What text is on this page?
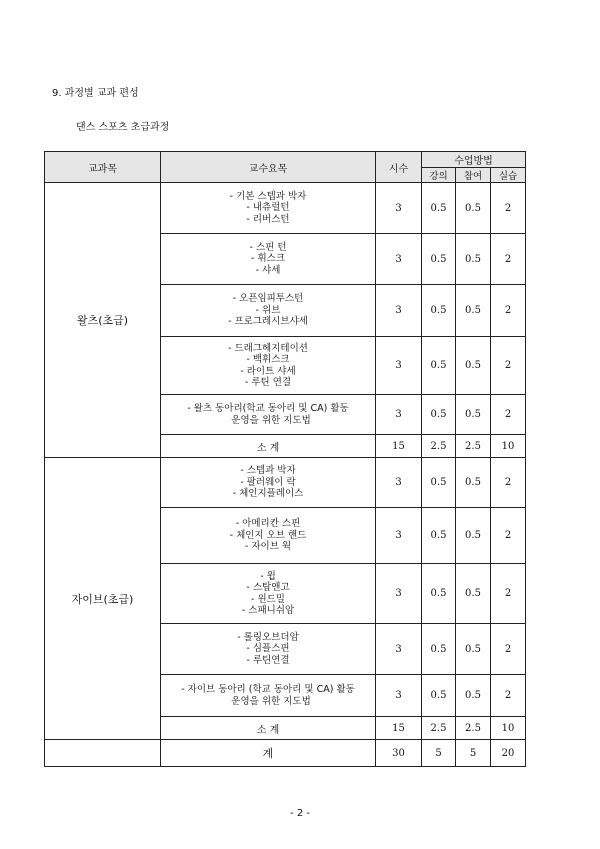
9. 과정별 교과 편성
댄스 스포츠 초급과정
교과목	교수요목	시수	수업방법		
			강의	참여	실습
왈츠(초급)	- 기본 스텝과 박자
- 내츄럴턴
- 리버스턴	3	0.5	0.5	2

	- 스핀 턴
- 휘스크
- 샤세	3	0.5	0.5	2

	- 오픈임피투스턴
- 위브
- 프로그레시브샤세	3	0.5	0.5	2

	- 드래그헤지테이션
- 백휘스크
- 라이트 샤세
- 루틴 연결	3	0.5	0.5	2

	- 왈츠 동아리(학교 동아리 및 CA) 활동
운영을 위한 지도법	3	0.5	0.5	2
	소 계	15	2.5	2.5	10
자이브(초급)	- 스텝과 박자
- 팔러웨이 락
- 체인지플레이스	3	0.5	0.5	2

	- 아메리칸 스핀
- 체인지 오브 핸드
- 자이브 웍	3	0.5	0.5	2

	- 윕
- 스탑앤고
- 윈드밀
- 스패니쉬암	3	0.5	0.5	2

	- 롤링오브더암
- 심플스핀
- 루틴연결	3	0.5	0.5	2

	- 자이브 동아리 (학교 동아리 및 CA) 활동
운영을 위한 지도법	3	0.5	0.5	2
	소 계	15	2.5	2.5	10
	계	30	5	5	20
- 2 -
